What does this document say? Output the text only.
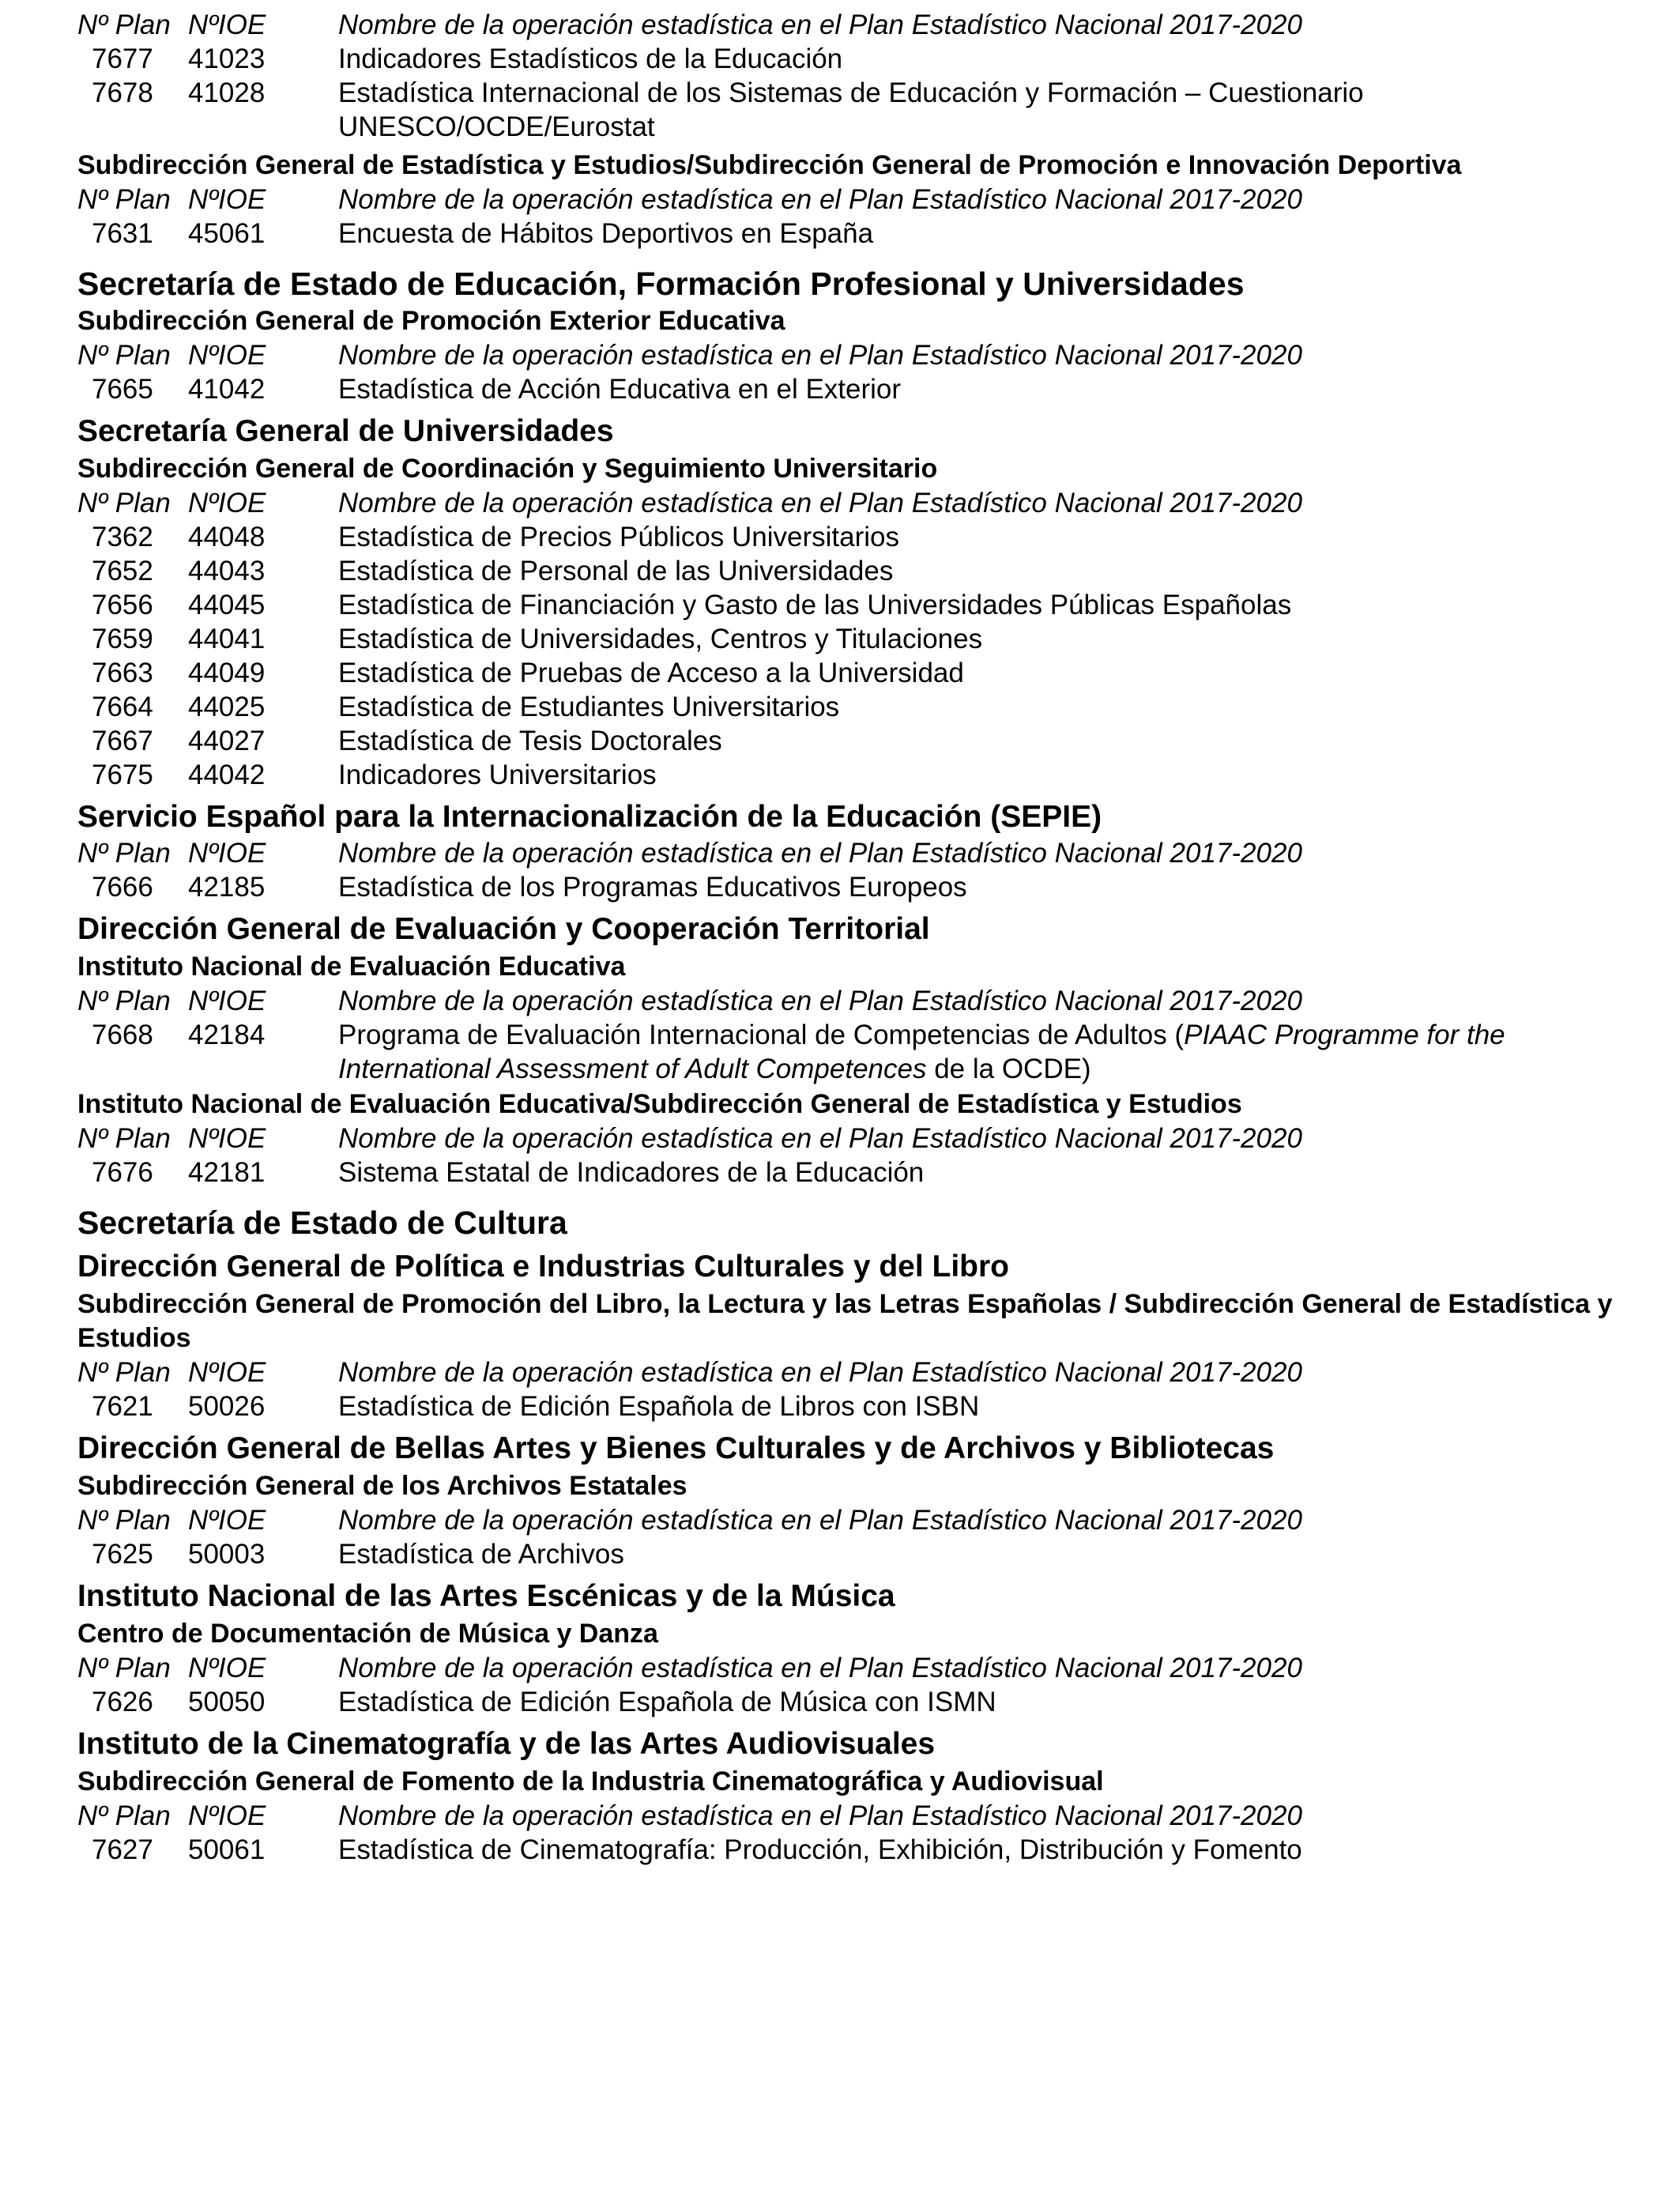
Nº Plan NºIOE	Nombre de la operación estadística en el Plan Estadístico Nacional 2017-2020
7677	41023	Indicadores Estadísticos de la Educación
7678	41028	Estadística Internacional de los Sistemas de Educación y Formación – Cuestionario UNESCO/OCDE/Eurostat
Subdirección General de Estadística y Estudios/Subdirección General de Promoción e Innovación Deportiva
Nº Plan NºIOE	Nombre de la operación estadística en el Plan Estadístico Nacional 2017-2020
7631	45061	Encuesta de Hábitos Deportivos en España
Secretaría de Estado de Educación, Formación Profesional y Universidades
Subdirección General de Promoción Exterior Educativa
Nº Plan NºIOE	Nombre de la operación estadística en el Plan Estadístico Nacional 2017-2020
7665	41042	Estadística de Acción Educativa en el Exterior
Secretaría General de Universidades
Subdirección General de Coordinación y Seguimiento Universitario
Nº Plan NºIOE	Nombre de la operación estadística en el Plan Estadístico Nacional 2017-2020
7362	44048	Estadística de Precios Públicos Universitarios
7652	44043	Estadística de Personal de las Universidades
7656	44045	Estadística de Financiación y Gasto de las Universidades Públicas Españolas
7659	44041	Estadística de Universidades, Centros y Titulaciones
7663	44049	Estadística de Pruebas de Acceso a la Universidad
7664	44025	Estadística de Estudiantes Universitarios
7667	44027	Estadística de Tesis Doctorales
7675	44042	Indicadores Universitarios
Servicio Español para la Internacionalización de la Educación (SEPIE)
Nº Plan NºIOE	Nombre de la operación estadística en el Plan Estadístico Nacional 2017-2020
7666	42185	Estadística de los Programas Educativos Europeos
Dirección General de Evaluación y Cooperación Territorial
Instituto Nacional de Evaluación Educativa
Nº Plan NºIOE	Nombre de la operación estadística en el Plan Estadístico Nacional 2017-2020
7668	42184	Programa de Evaluación Internacional de Competencias de Adultos (PIAAC Programme for the International Assessment of Adult Competences de la OCDE)
Instituto Nacional de Evaluación Educativa/Subdirección General de Estadística y Estudios
Nº Plan NºIOE	Nombre de la operación estadística en el Plan Estadístico Nacional 2017-2020
7676	42181	Sistema Estatal de Indicadores de la Educación
Secretaría de Estado de Cultura
Dirección General de Política e Industrias Culturales y del Libro
Subdirección General de Promoción del Libro, la Lectura y las Letras Españolas / Subdirección General de Estadística y Estudios
Nº Plan NºIOE	Nombre de la operación estadística en el Plan Estadístico Nacional 2017-2020
7621	50026	Estadística de Edición Española de Libros con ISBN
Dirección General de Bellas Artes y Bienes Culturales y de Archivos y Bibliotecas
Subdirección General de los Archivos Estatales
Nº Plan NºIOE	Nombre de la operación estadística en el Plan Estadístico Nacional 2017-2020
7625	50003	Estadística de Archivos
Instituto Nacional de las Artes Escénicas y de la Música
Centro de Documentación de Música y Danza
Nº Plan NºIOE	Nombre de la operación estadística en el Plan Estadístico Nacional 2017-2020
7626	50050	Estadística de Edición Española de Música con ISMN
Instituto de la Cinematografía y de las Artes Audiovisuales
Subdirección General de Fomento de la Industria Cinematográfica y Audiovisual
Nº Plan NºIOE	Nombre de la operación estadística en el Plan Estadístico Nacional 2017-2020
7627	50061	Estadística de Cinematografía: Producción, Exhibición, Distribución y Fomento
